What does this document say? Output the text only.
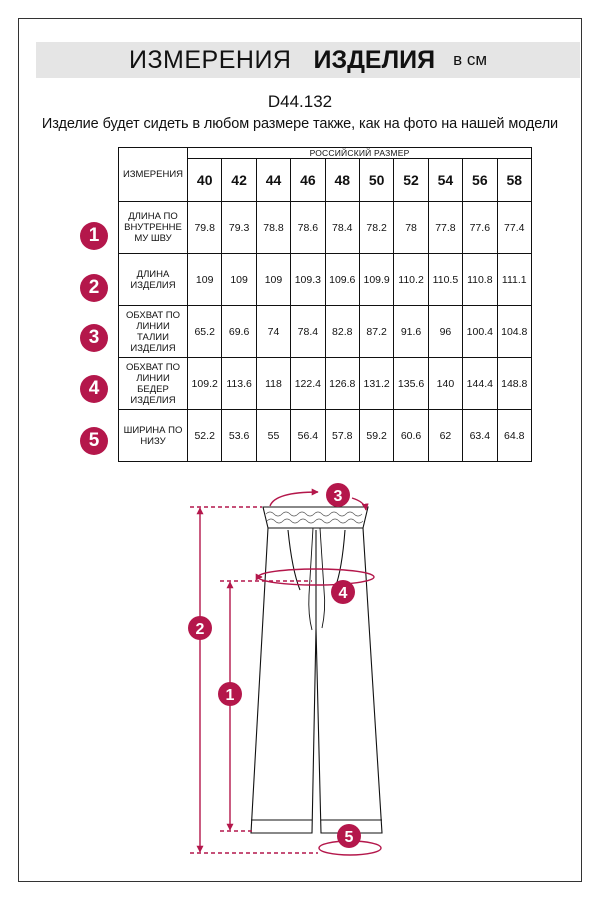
ИЗМЕРЕНИЯ ИЗДЕЛИЯ в см
D44.132
Изделие будет сидеть в любом размере также, как на фото на нашей модели
ИЗМЕРЕНИЯ	РОССИЙСКИЙ РАЗМЕР									
	40	42	44	46	48	50	52	54	56	58

ДЛИНА ПО
ВНУТРЕННЕ
МУ ШВУ	79.8	79.3	78.8	78.6	78.4	78.2	78	77.8	77.6	77.4

ДЛИНА
ИЗДЕЛИЯ	109	109	109	109.3	109.6	109.9	110.2	110.5	110.8	111.1

ОБХВАТ ПО
ЛИНИИ
ТАЛИИ
ИЗДЕЛИЯ	65.2	69.6	74	78.4	82.8	87.2	91.6	96	100.4	104.8

ОБХВАТ ПО
ЛИНИИ
БЕДЕР
ИЗДЕЛИЯ	109.2	113.6	118	122.4	126.8	131.2	135.6	140	144.4	148.8

ШИРИНА ПО
НИЗУ	52.2	53.6	55	56.4	57.8	59.2	60.6	62	63.4	64.8
1
2
3
4
5
3
4
2
1
5
